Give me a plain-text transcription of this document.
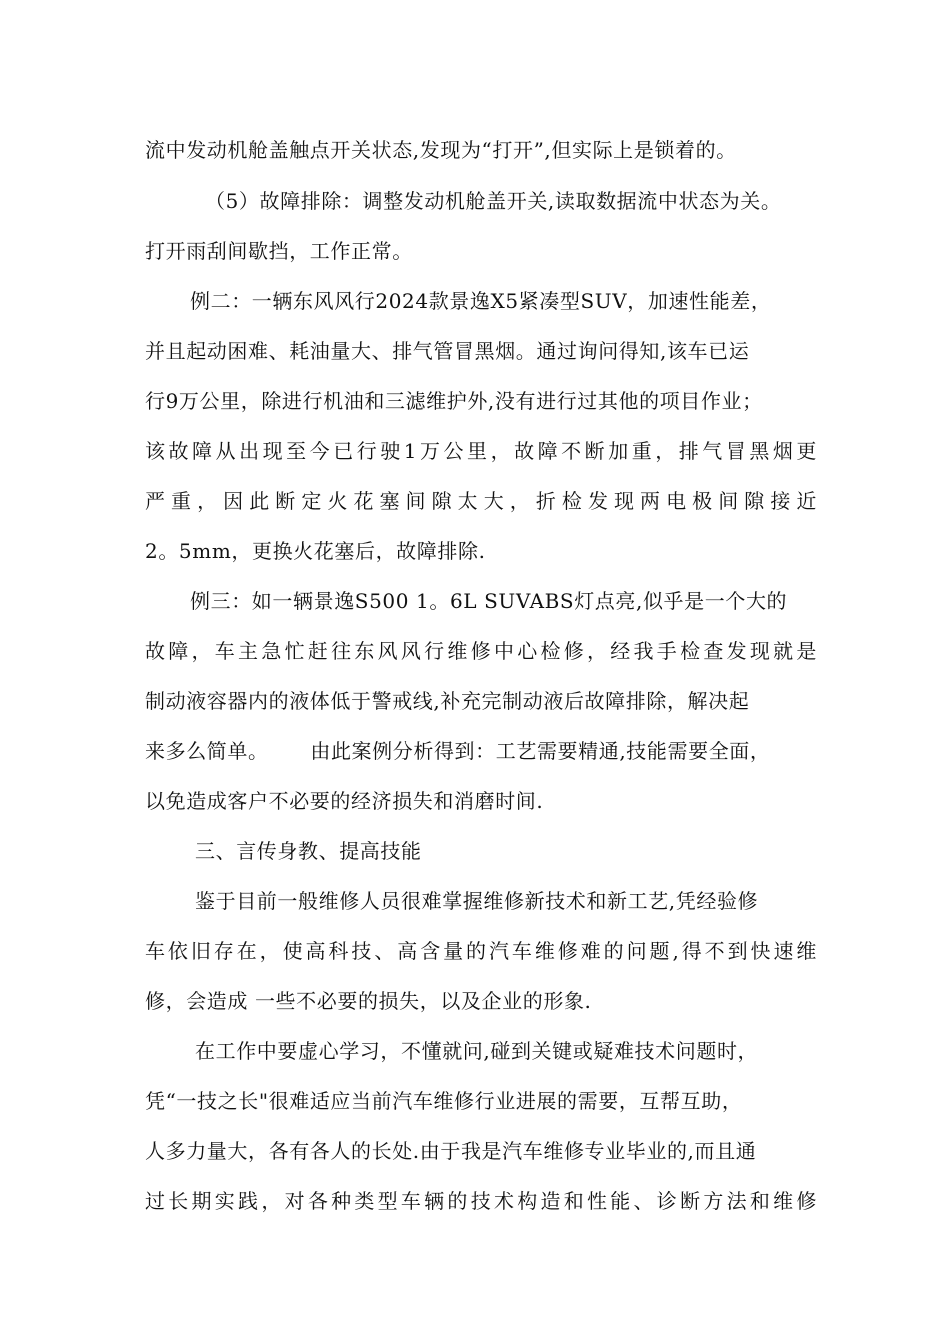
流中发动机舱盖触点开关状态,发现为“打开”,但实际上是锁着的。
（5）故障排除：调整发动机舱盖开关,读取数据流中状态为关。
打开雨刮间歇挡，工作正常。
例二：一辆东风风行2024款景逸X5紧凑型SUV，加速性能差，
并且起动困难、耗油量大、排气管冒黑烟。通过询问得知,该车已运
行9万公里，除进行机油和三滤维护外,没有进行过其他的项目作业；
该故障从出现至今已行驶1万公里，故障不断加重，排气冒黑烟更
严重，因此断定火花塞间隙太大，折检发现两电极间隙接近
2。5mm，更换火花塞后，故障排除.
例三：如一辆景逸S500 1。6L SUVABS灯点亮,似乎是一个大的
故障，车主急忙赶往东风风行维修中心检修，经我手检查发现就是
制动液容器内的液体低于警戒线,补充完制动液后故障排除，解决起
来多么简单。      由此案例分析得到：工艺需要精通,技能需要全面，
以免造成客户不必要的经济损失和消磨时间.
三、言传身教、提高技能
鉴于目前一般维修人员很难掌握维修新技术和新工艺,凭经验修
车依旧存在，使高科技、高含量的汽车维修难的问题,得不到快速维
修，会造成 一些不必要的损失，以及企业的形象.
在工作中要虚心学习，不懂就问,碰到关键或疑难技术问题时，
凭“一技之长"很难适应当前汽车维修行业进展的需要，互帮互助，
人多力量大，各有各人的长处.由于我是汽车维修专业毕业的,而且通
过长期实践，对各种类型车辆的技术构造和性能、诊断方法和维修
